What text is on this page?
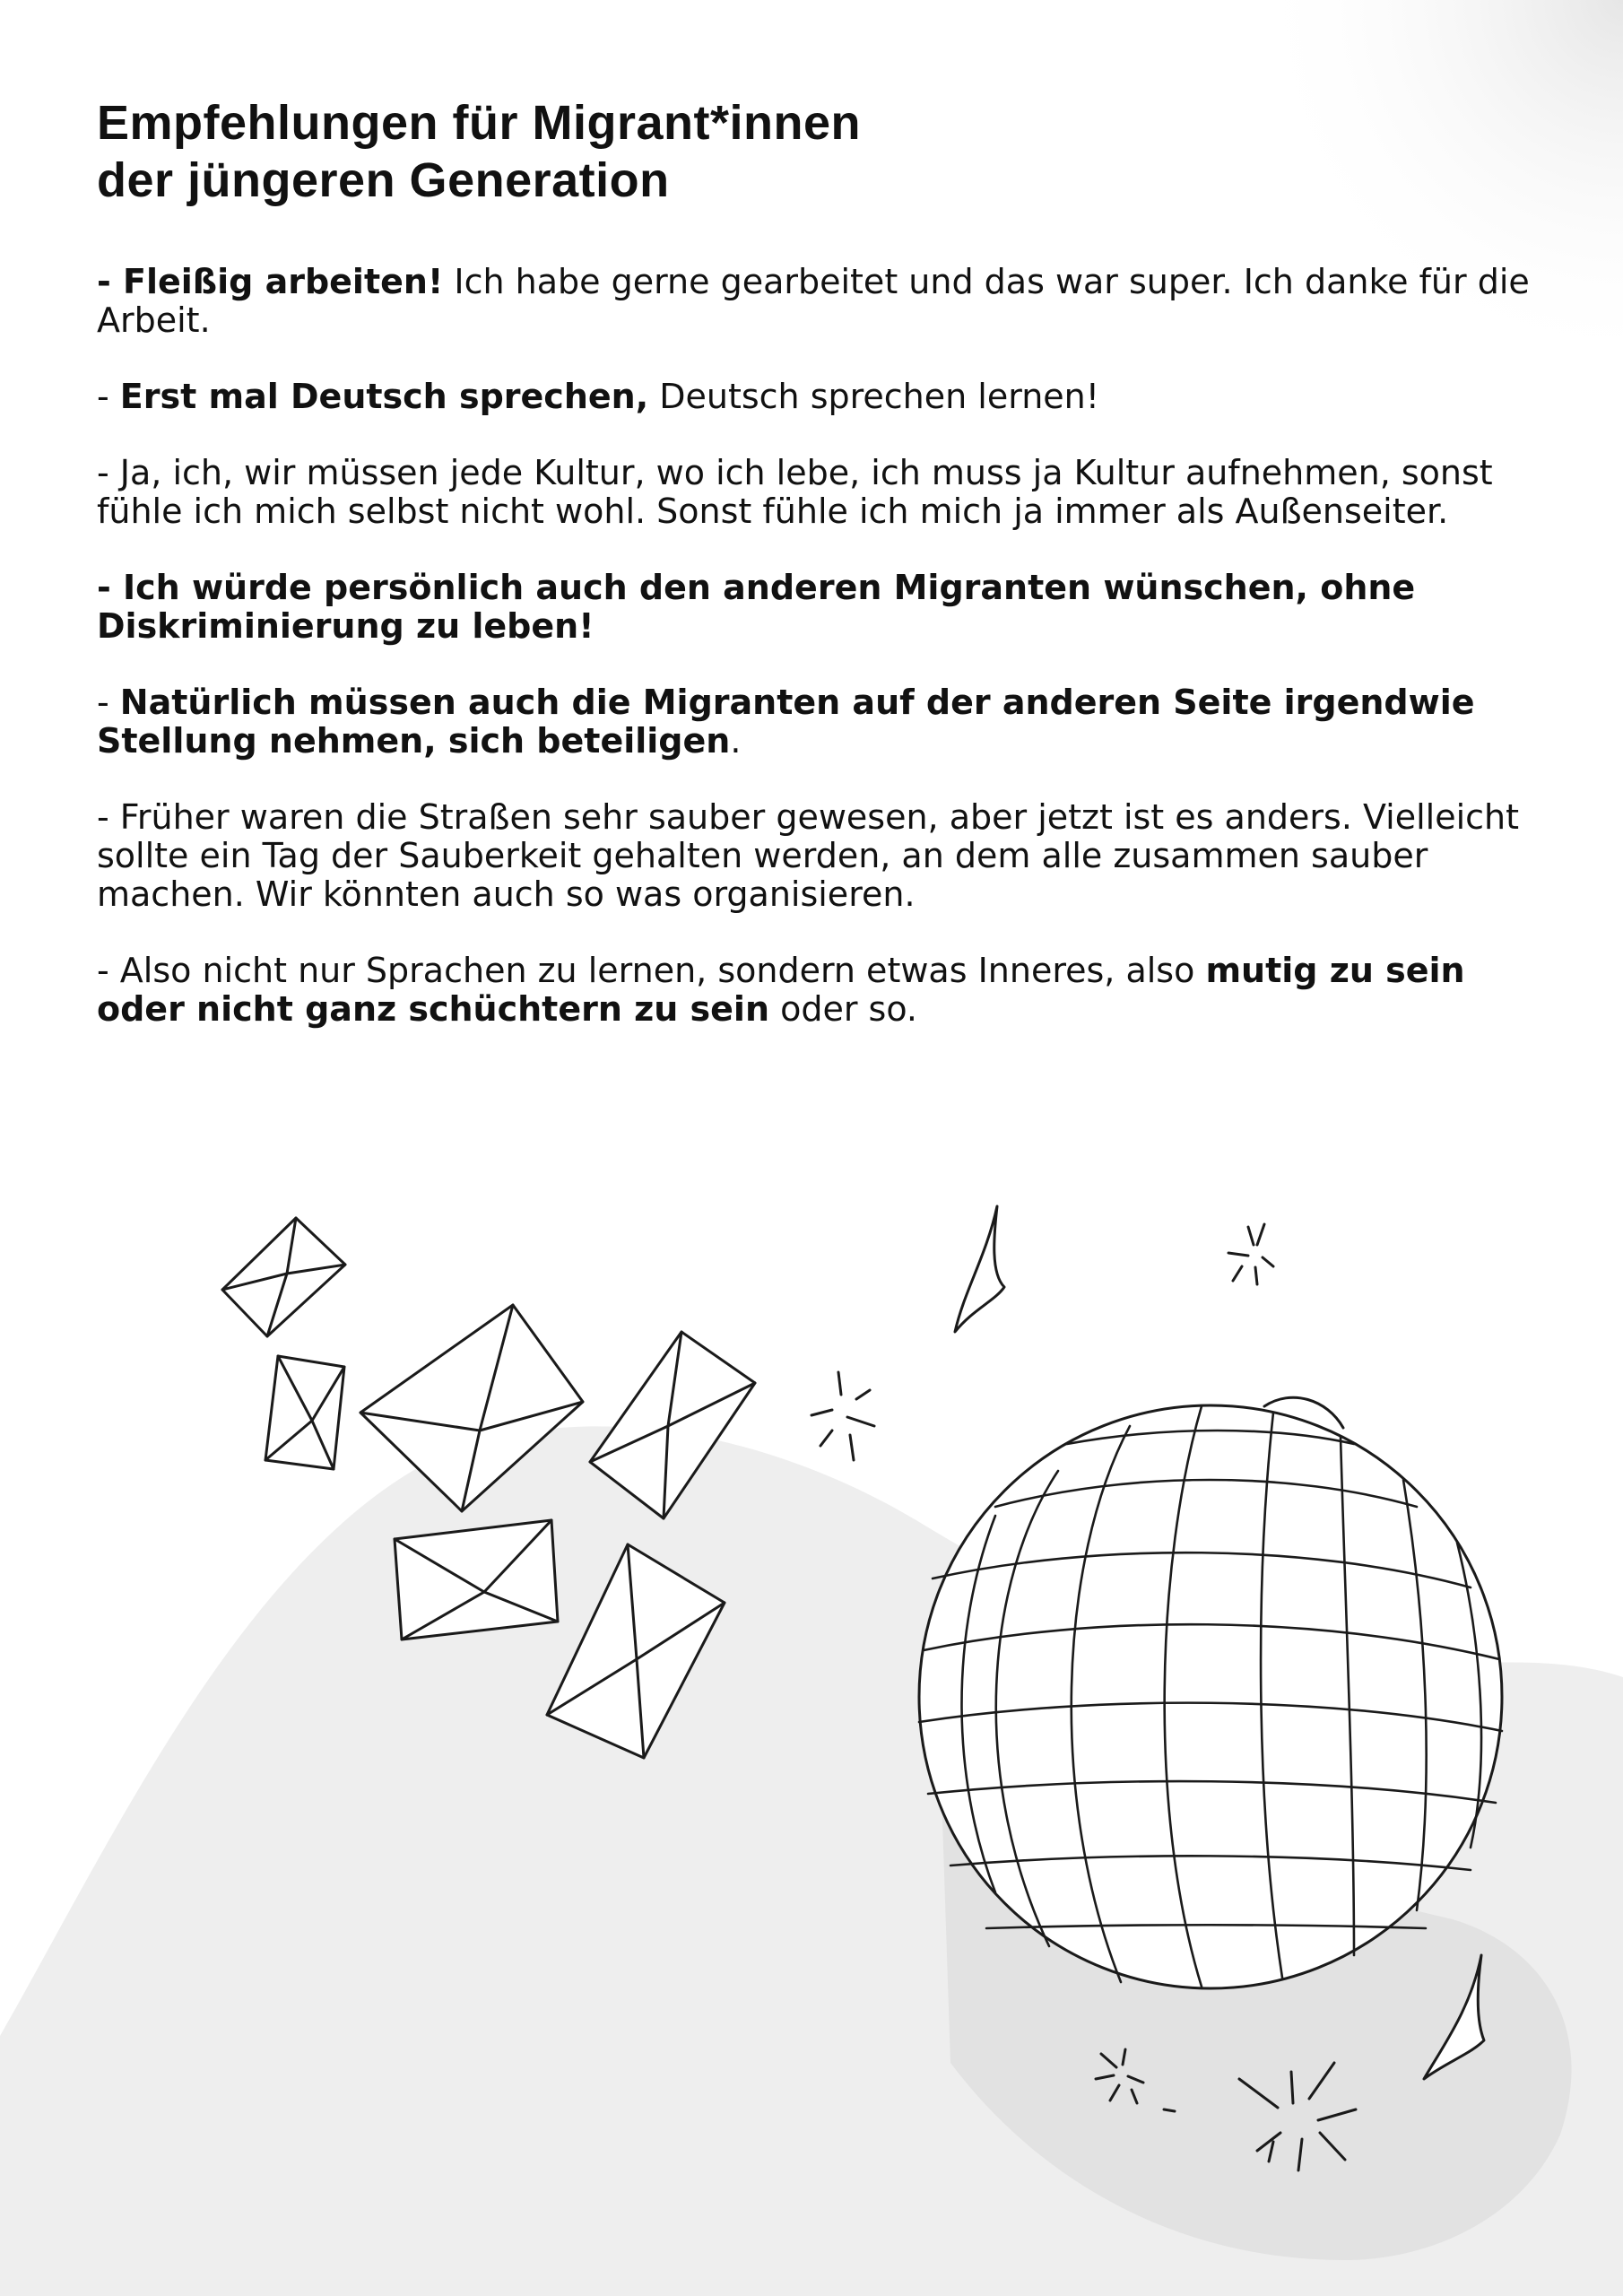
Empfehlungen für Migrant*innen
der jüngeren Generation

- Fleißig arbeiten! Ich habe gerne gearbeitet und das war super. Ich danke für die Arbeit.

- Erst mal Deutsch sprechen, Deutsch sprechen lernen!

- Ja, ich, wir müssen jede Kultur, wo ich lebe, ich muss ja Kultur aufnehmen, sonst fühle ich mich selbst nicht wohl. Sonst fühle ich mich ja immer als Außenseiter.

- Ich würde persönlich auch den anderen Migranten wünschen, ohne Diskriminierung zu leben!

- Natürlich müssen auch die Migranten auf der anderen Seite irgendwie Stellung nehmen, sich beteiligen.

- Früher waren die Straßen sehr sauber gewesen, aber jetzt ist es anders. Vielleicht sollte ein Tag der Sauberkeit gehalten werden, an dem alle zusammen sauber machen. Wir könnten auch so was organisieren.

- Also nicht nur Sprachen zu lernen, sondern etwas Inneres, also mutig zu sein oder nicht ganz schüchtern zu sein oder so.
